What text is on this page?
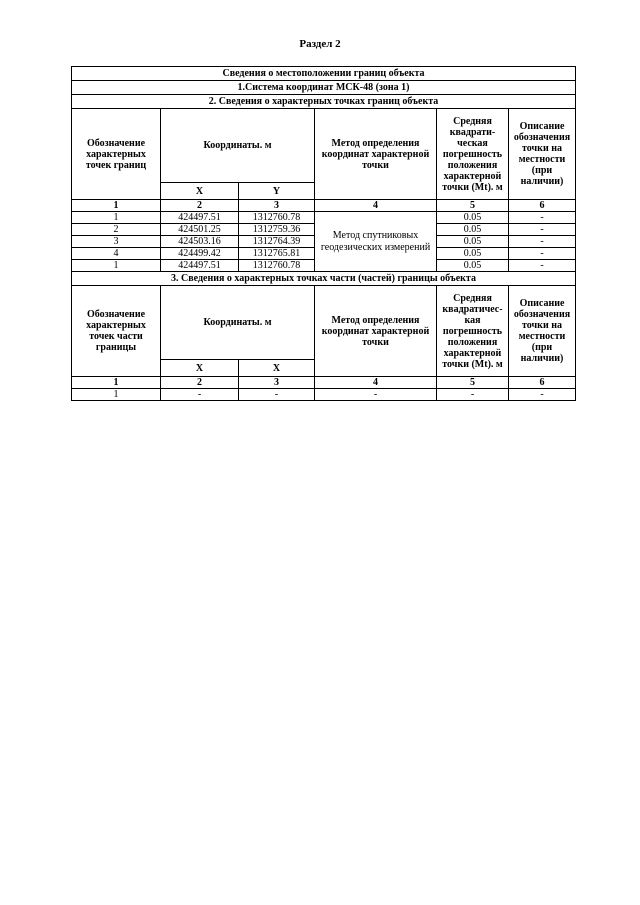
Раздел 2
Сведения о местоположении границ объекта					
1.Система координат МСК-48 (зона 1)					
2. Сведения о характерных точках границ объекта					
Обозначение характерных точек границ	Координаты. м		Метод определения координат характерной точки	Средняя квадрати-ческая погрешность положения характерной точки (Mt). м	Описание обозначения точки на местности (при наличии)
	X	Y			
1	2	3	4	5	6
1	424497.51	1312760.78	Метод спутниковых геодезических измерений	0.05	-
2	424501.25	1312759.36		0.05	-
3	424503.16	1312764.39		0.05	-
4	424499.42	1312765.81		0.05	-
1	424497.51	1312760.78		0.05	-
3. Сведения о характерных точках части (частей) границы объекта					
Обозначение характерных точек части границы	Координаты. м		Метод определения координат характерной точки	Средняя квадратичес-кая погрешность положения характерной точки (Mt). м	Описание обозначения точки на местности (при наличии)
	X	X			
1	2	3	4	5	6
1	-	-	-	-	-
